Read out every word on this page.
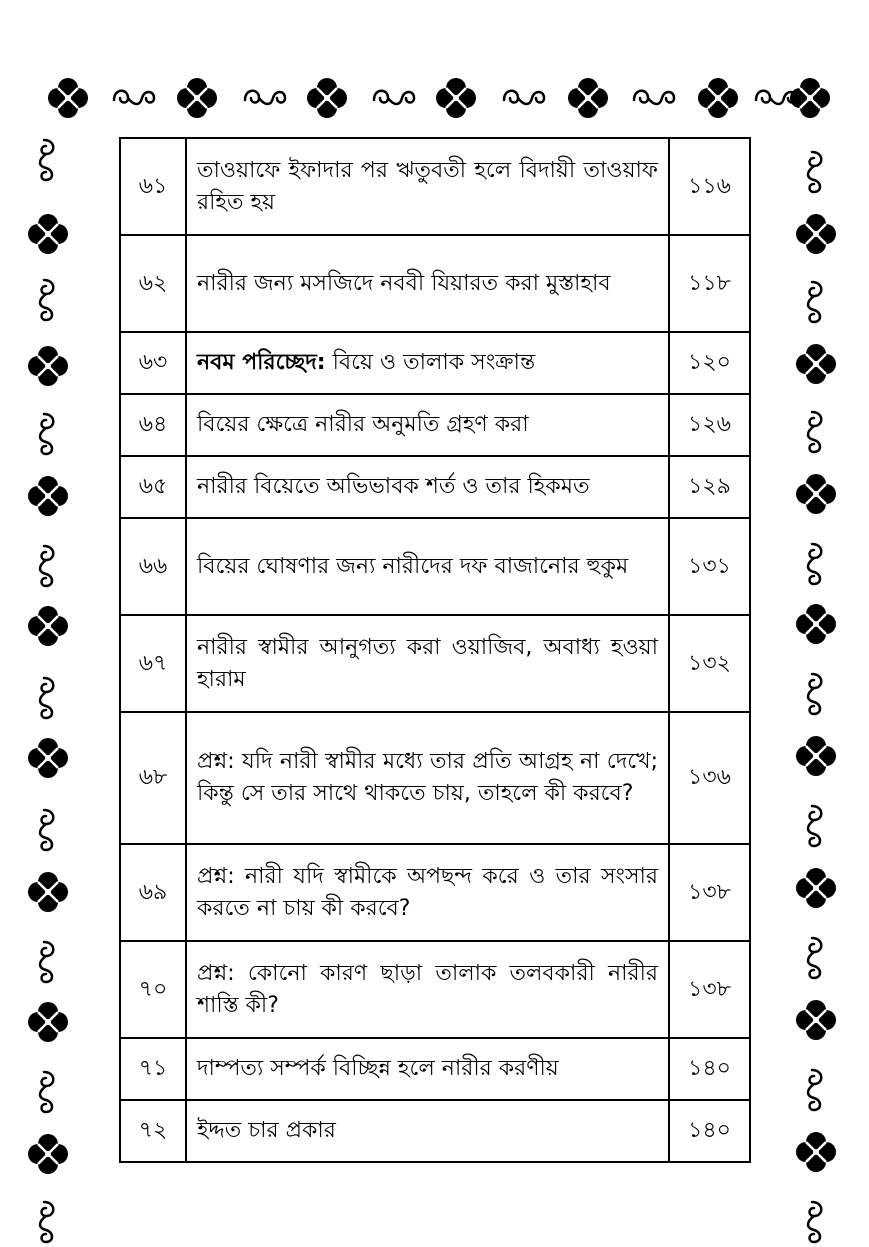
৬১	তাওয়াফে ইফাদার পর ঋতুবতী হলে বিদায়ী তাওয়াফ রহিত হয়	১১৬
৬২	নারীর জন্য মসজিদে নববী যিয়ারত করা মুস্তাহাব	১১৮
৬৩	নবম পরিচ্ছেদ: বিয়ে ও তালাক সংক্রান্ত	১২০
৬৪	বিয়ের ক্ষেত্রে নারীর অনুমতি গ্রহণ করা	১২৬
৬৫	নারীর বিয়েতে অভিভাবক শর্ত ও তার হিকমত	১২৯
৬৬	বিয়ের ঘোষণার জন্য নারীদের দফ বাজানোর হুকুম	১৩১
৬৭	নারীর স্বামীর আনুগত্য করা ওয়াজিব, অবাধ্য হওয়া হারাম	১৩২
৬৮	প্রশ্ন: যদি নারী স্বামীর মধ্যে তার প্রতি আগ্রহ না দেখে; কিন্তু সে তার সাথে থাকতে চায়, তাহলে কী করবে?	১৩৬
৬৯	প্রশ্ন: নারী যদি স্বামীকে অপছন্দ করে ও তার সংসার করতে না চায় কী করবে?	১৩৮
৭০	প্রশ্ন: কোনো কারণ ছাড়া তালাক তলবকারী নারীর শাস্তি কী?	১৩৮
৭১	দাম্পত্য সম্পর্ক বিচ্ছিন্ন হলে নারীর করণীয়	১৪০
৭২	ইদ্দত চার প্রকার	১৪০
